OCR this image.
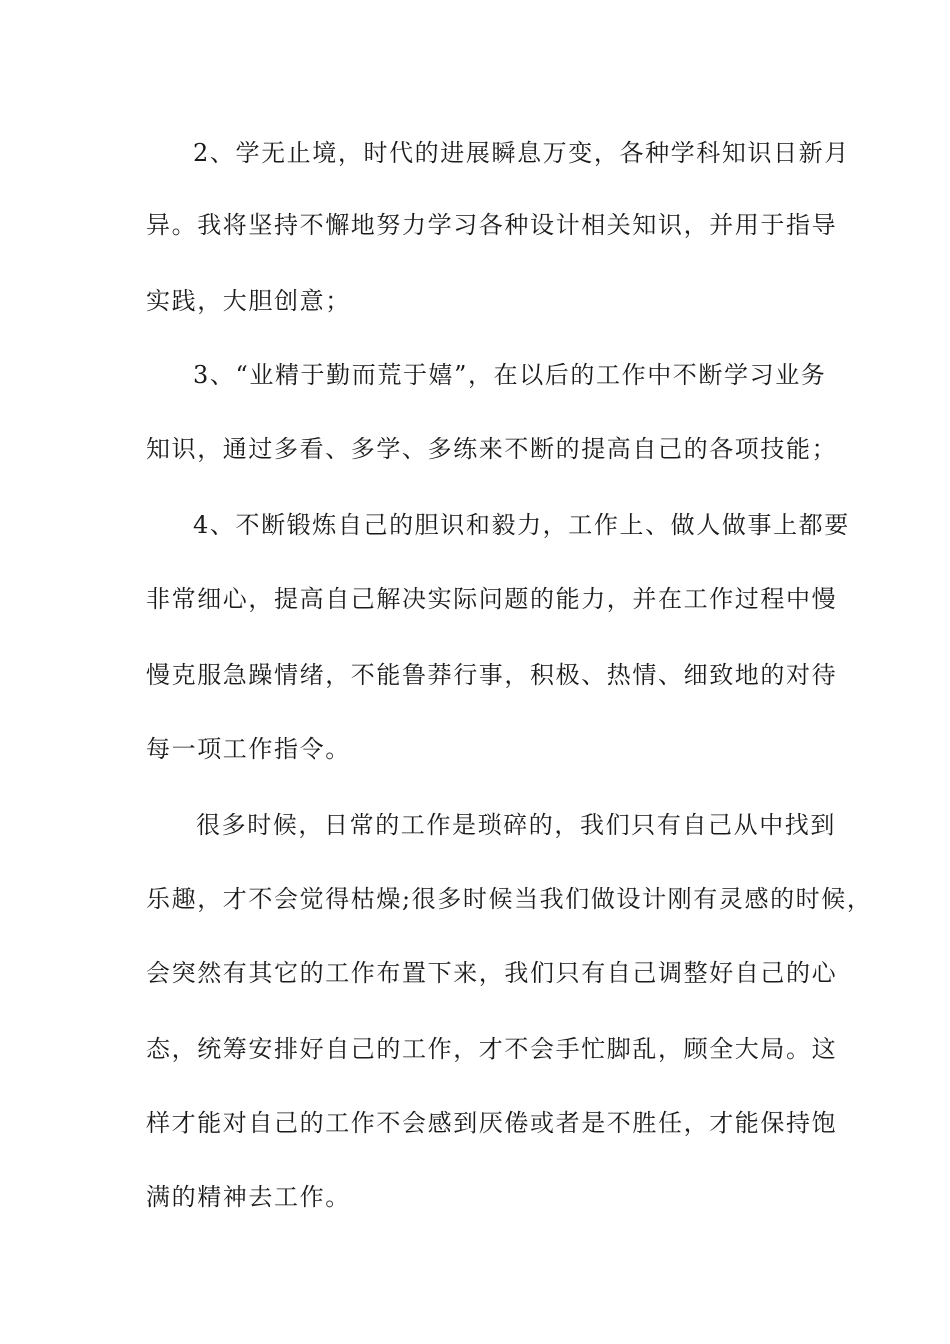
2、学无止境，时代的进展瞬息万变，各种学科知识日新月
异。我将坚持不懈地努力学习各种设计相关知识，并用于指导
实践，大胆创意；
3、“业精于勤而荒于嬉”，在以后的工作中不断学习业务
知识，通过多看、多学、多练来不断的提高自己的各项技能；
4、不断锻炼自己的胆识和毅力，工作上、做人做事上都要
非常细心，提高自己解决实际问题的能力，并在工作过程中慢
慢克服急躁情绪，不能鲁莽行事，积极、热情、细致地的对待
每一项工作指令。
很多时候，日常的工作是琐碎的，我们只有自己从中找到
乐趣，才不会觉得枯燥;很多时候当我们做设计刚有灵感的时候，
会突然有其它的工作布置下来，我们只有自己调整好自己的心
态，统筹安排好自己的工作，才不会手忙脚乱，顾全大局。这
样才能对自己的工作不会感到厌倦或者是不胜任，才能保持饱
满的精神去工作。
